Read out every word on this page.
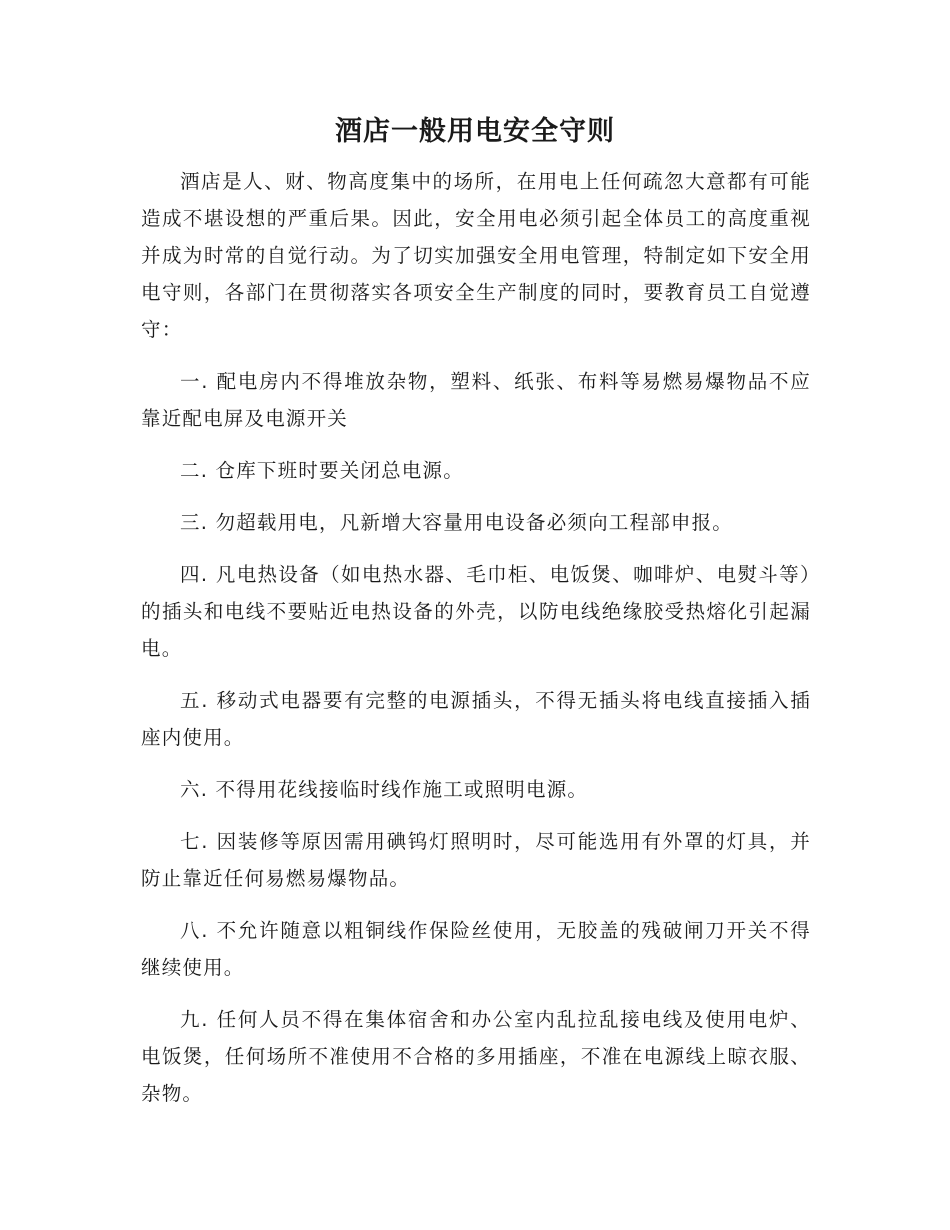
酒店一般用电安全守则

酒店是人、财、物高度集中的场所，在用电上任何疏忽大意都有可能造成不堪设想的严重后果。因此，安全用电必须引起全体员工的高度重视并成为时常的自觉行动。为了切实加强安全用电管理，特制定如下安全用电守则，各部门在贯彻落实各项安全生产制度的同时，要教育员工自觉遵守：

一. 配电房内不得堆放杂物，塑料、纸张、布料等易燃易爆物品不应靠近配电屏及电源开关

二. 仓库下班时要关闭总电源。

三. 勿超载用电，凡新增大容量用电设备必须向工程部申报。

四. 凡电热设备（如电热水器、毛巾柜、电饭煲、咖啡炉、电熨斗等）的插头和电线不要贴近电热设备的外壳，以防电线绝缘胶受热熔化引起漏电。

五. 移动式电器要有完整的电源插头，不得无插头将电线直接插入插座内使用。

六. 不得用花线接临时线作施工或照明电源。

七. 因装修等原因需用碘钨灯照明时，尽可能选用有外罩的灯具，并防止靠近任何易燃易爆物品。

八. 不允许随意以粗铜线作保险丝使用，无胶盖的残破闸刀开关不得继续使用。

九. 任何人员不得在集体宿舍和办公室内乱拉乱接电线及使用电炉、电饭煲，任何场所不准使用不合格的多用插座，不准在电源线上晾衣服、杂物。
